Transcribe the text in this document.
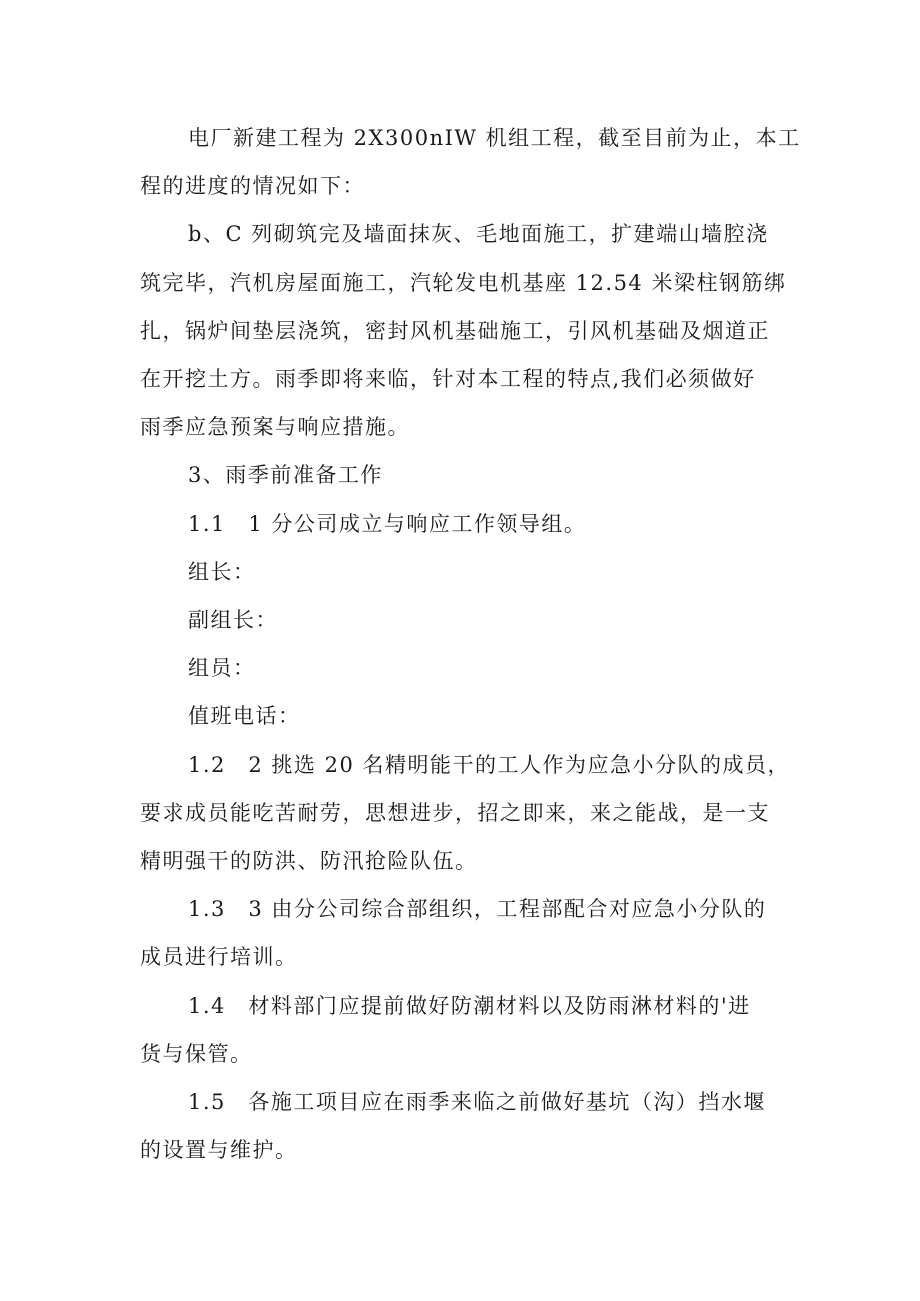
电厂新建工程为 2X300nIW 机组工程，截至目前为止，本工
程的进度的情况如下：
b、C 列砌筑完及墙面抹灰、毛地面施工，扩建端山墙腔浇
筑完毕，汽机房屋面施工，汽轮发电机基座 12.54 米梁柱钢筋绑
扎，锅炉间垫层浇筑，密封风机基础施工，引风机基础及烟道正
在开挖土方。雨季即将来临，针对本工程的特点,我们必须做好
雨季应急预案与响应措施。
3、雨季前准备工作
1.1　1 分公司成立与响应工作领导组。
组长：
副组长：
组员：
值班电话：
1.2　2 挑选 20 名精明能干的工人作为应急小分队的成员，
要求成员能吃苦耐劳，思想进步，招之即来，来之能战，是一支
精明强干的防洪、防汛抢险队伍。
1.3　3 由分公司综合部组织，工程部配合对应急小分队的
成员进行培训。
1.4　材料部门应提前做好防潮材料以及防雨淋材料的'进
货与保管。
1.5　各施工项目应在雨季来临之前做好基坑（沟）挡水堰
的设置与维护。
